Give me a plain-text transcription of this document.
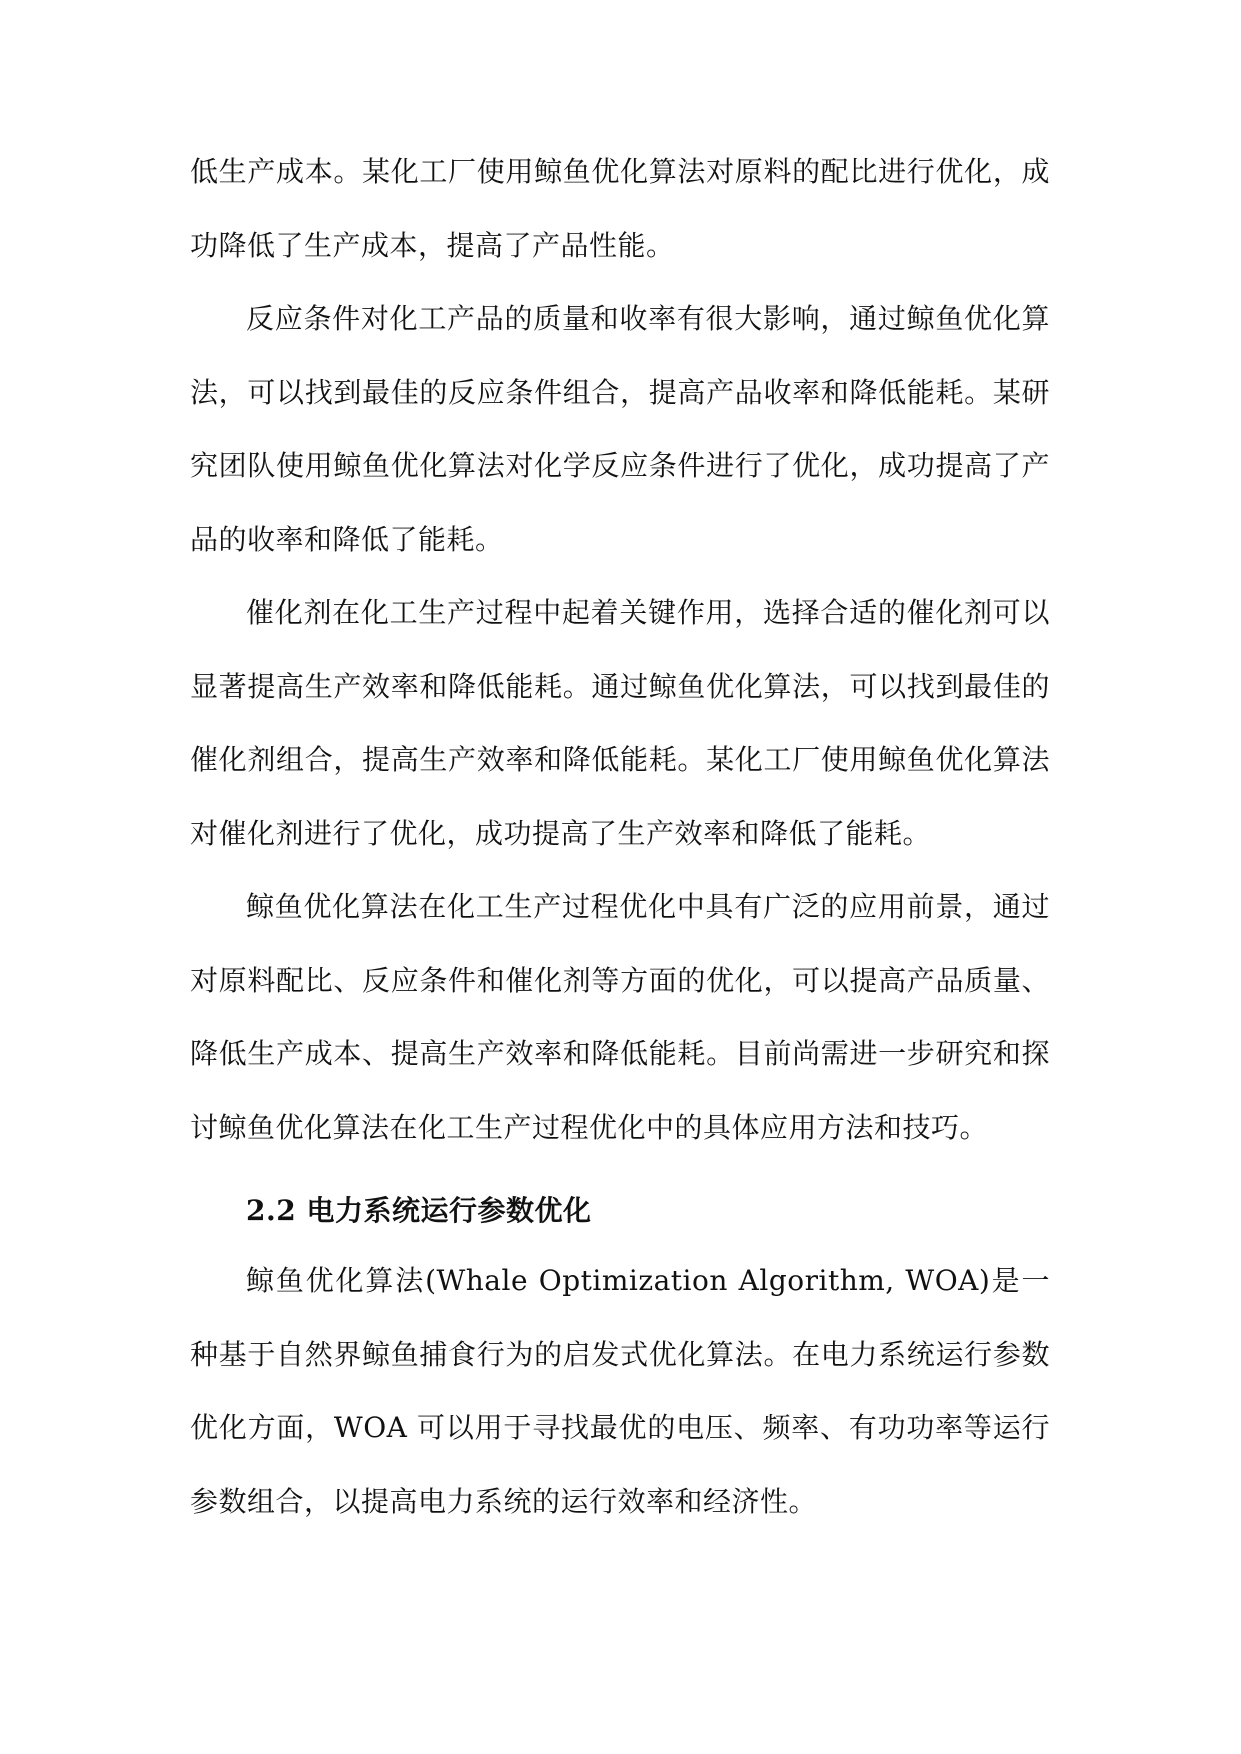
低生产成本。某化工厂使用鲸鱼优化算法对原料的配比进行优化，成功降低了生产成本，提高了产品性能。

反应条件对化工产品的质量和收率有很大影响，通过鲸鱼优化算法，可以找到最佳的反应条件组合，提高产品收率和降低能耗。某研究团队使用鲸鱼优化算法对化学反应条件进行了优化，成功提高了产品的收率和降低了能耗。

催化剂在化工生产过程中起着关键作用，选择合适的催化剂可以显著提高生产效率和降低能耗。通过鲸鱼优化算法，可以找到最佳的催化剂组合，提高生产效率和降低能耗。某化工厂使用鲸鱼优化算法对催化剂进行了优化，成功提高了生产效率和降低了能耗。

鲸鱼优化算法在化工生产过程优化中具有广泛的应用前景，通过对原料配比、反应条件和催化剂等方面的优化，可以提高产品质量、降低生产成本、提高生产效率和降低能耗。目前尚需进一步研究和探讨鲸鱼优化算法在化工生产过程优化中的具体应用方法和技巧。

2.2 电力系统运行参数优化

鲸鱼优化算法(Whale Optimization Algorithm, WOA)是一种基于自然界鲸鱼捕食行为的启发式优化算法。在电力系统运行参数优化方面，WOA 可以用于寻找最优的电压、频率、有功功率等运行参数组合，以提高电力系统的运行效率和经济性。
